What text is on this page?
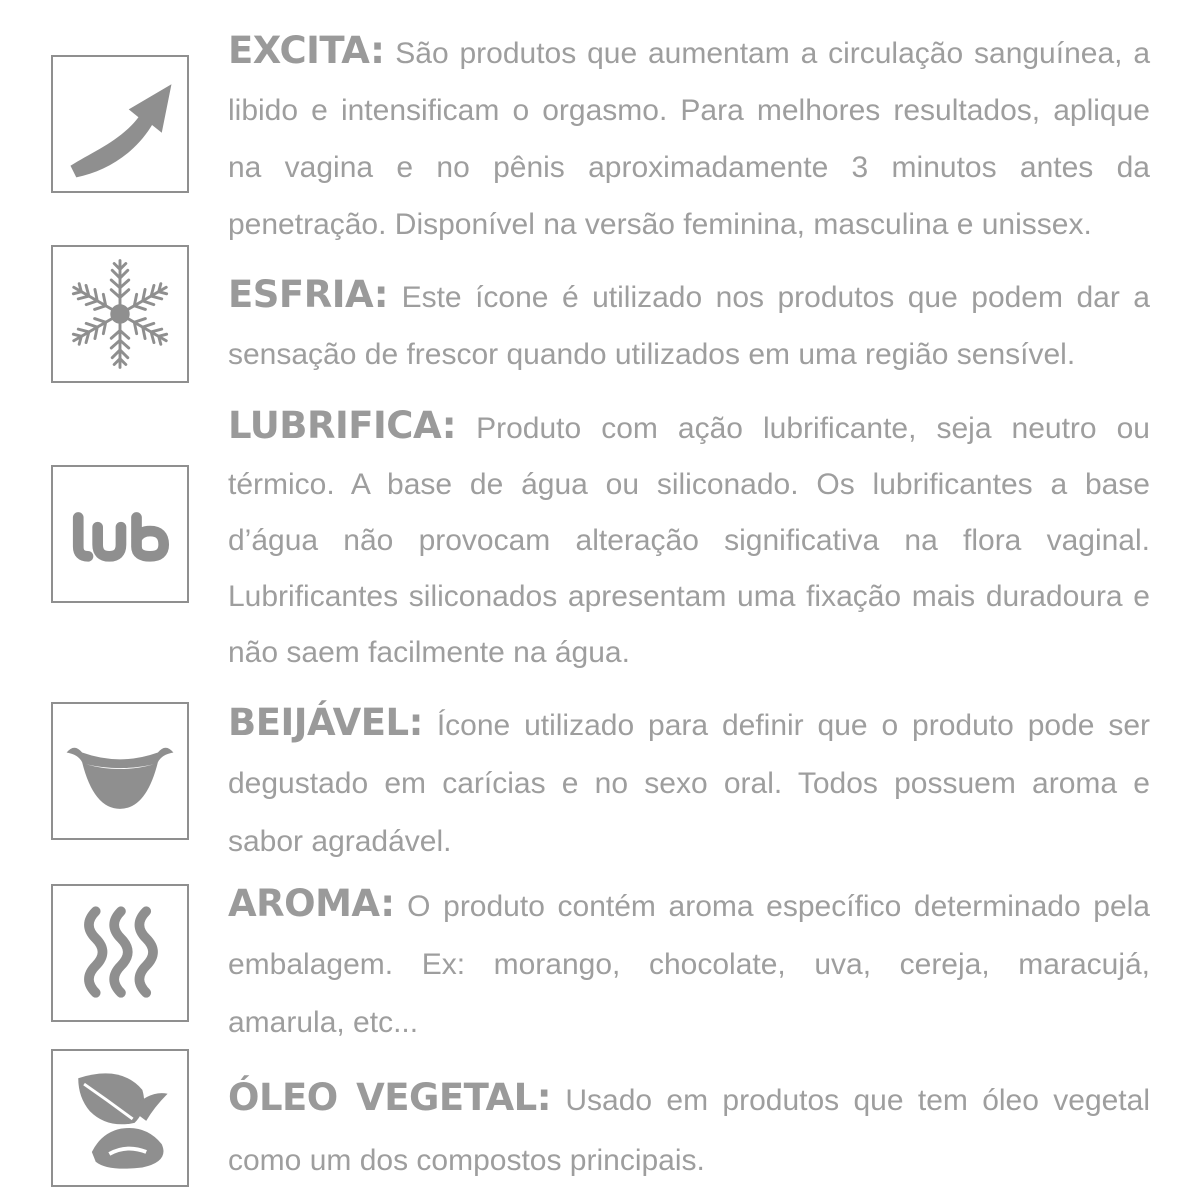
EXCITA: São produtos que aumentam a circulação sanguínea, a libido e intensificam o orgasmo. Para melhores resultados, aplique na vagina e no pênis aproximadamente 3 minutos antes da penetração. Disponível na versão feminina, masculina e unissex.
ESFRIA: Este ícone é utilizado nos produtos que podem dar a sensação de frescor quando utilizados em uma região sensível.
LUBRIFICA: Produto com ação lubrificante, seja neutro ou térmico. A base de água ou siliconado. Os lubrificantes a base d’água não provocam alteração significativa na flora vaginal. Lubrificantes siliconados apresentam uma fixação mais duradoura e não saem facilmente na água.
BEIJÁVEL: Ícone utilizado para definir que o produto pode ser degustado em carícias e no sexo oral. Todos possuem aroma e sabor agradável.
AROMA: O produto contém aroma específico determinado pela embalagem. Ex: morango, chocolate, uva, cereja, maracujá, amarula, etc...
ÓLEO VEGETAL: Usado em produtos que tem óleo vegetal como um dos compostos principais.
